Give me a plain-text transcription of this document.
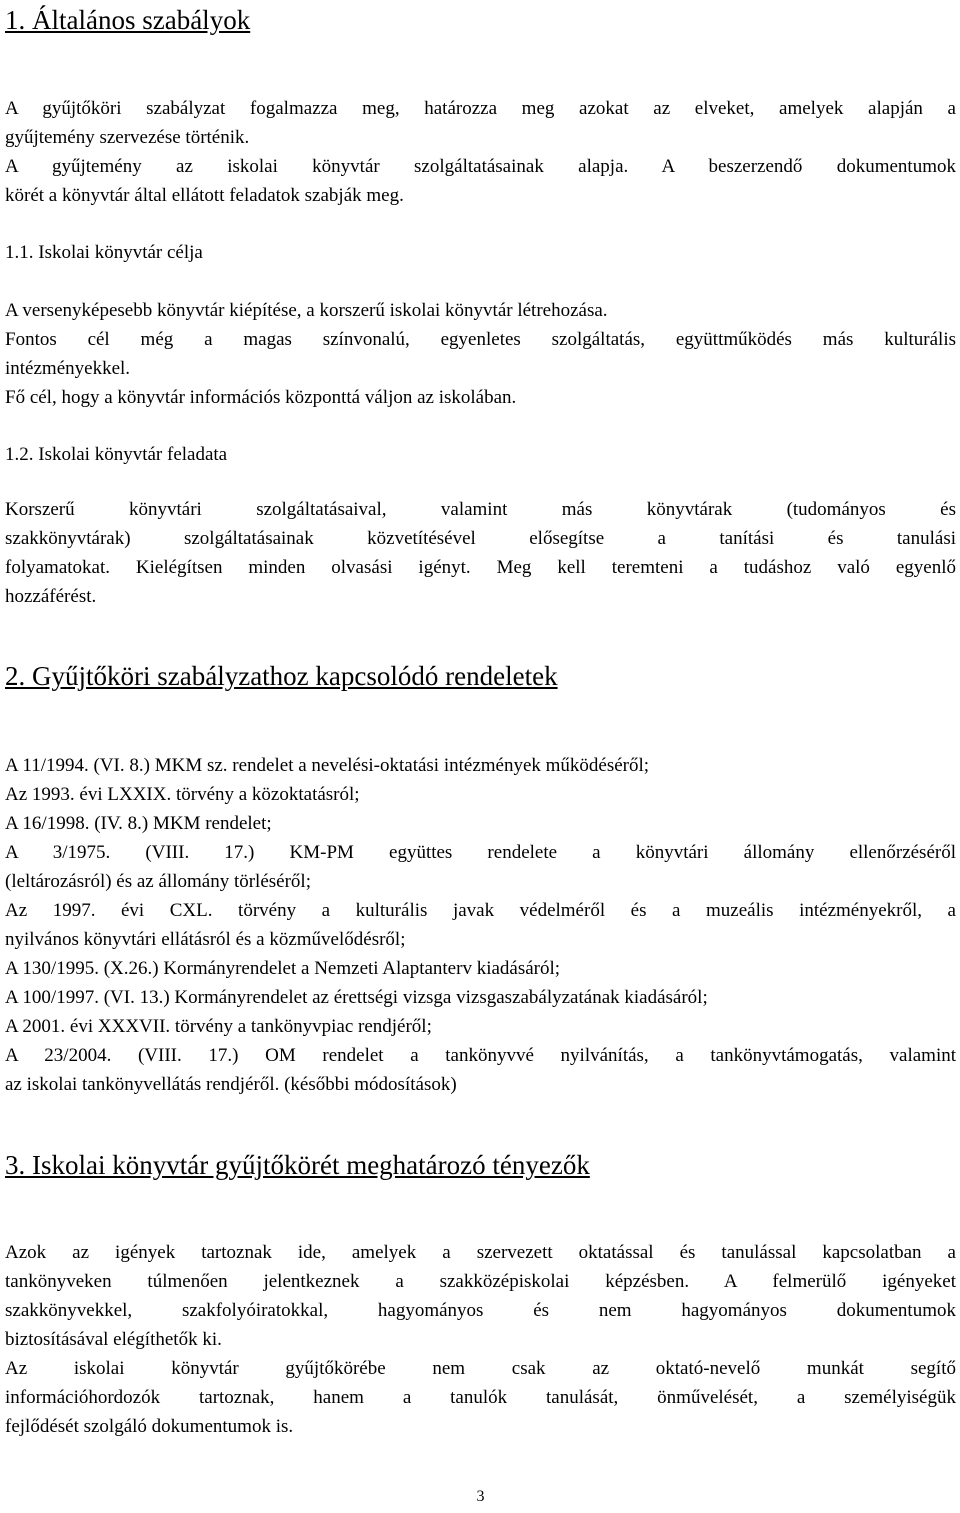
1. Általános szabályok
A gyűjtőköri szabályzat fogalmazza meg, határozza meg azokat az elveket, amelyek alapján a
gyűjtemény szervezése történik.
A gyűjtemény az iskolai könyvtár szolgáltatásainak alapja. A beszerzendő dokumentumok
körét a könyvtár által ellátott feladatok szabják meg.
1.1. Iskolai könyvtár célja
A versenyképesebb könyvtár kiépítése, a korszerű iskolai könyvtár létrehozása.
Fontos cél még a magas színvonalú, egyenletes szolgáltatás, együttműködés más kulturális
intézményekkel.
Fő cél, hogy a könyvtár információs központtá váljon az iskolában.
1.2. Iskolai könyvtár feladata
Korszerű könyvtári szolgáltatásaival, valamint más könyvtárak (tudományos és
szakkönyvtárak) szolgáltatásainak közvetítésével elősegítse a tanítási és tanulási
folyamatokat. Kielégítsen minden olvasási igényt. Meg kell teremteni a tudáshoz való egyenlő
hozzáférést.
2. Gyűjtőköri szabályzathoz kapcsolódó rendeletek
A 11/1994. (VI. 8.) MKM sz. rendelet a nevelési-oktatási intézmények működéséről;
Az 1993. évi LXXIX. törvény a közoktatásról;
A 16/1998. (IV. 8.) MKM rendelet;
A 3/1975. (VIII. 17.) KM-PM együttes rendelete a könyvtári állomány ellenőrzéséről
(leltározásról) és az állomány törléséről;
Az 1997. évi CXL. törvény a kulturális javak védelméről és a muzeális intézményekről, a
nyilvános könyvtári ellátásról és a közművelődésről;
A 130/1995. (X.26.) Kormányrendelet a Nemzeti Alaptanterv kiadásáról;
A 100/1997. (VI. 13.) Kormányrendelet az érettségi vizsga vizsgaszabályzatának kiadásáról;
A 2001. évi XXXVII. törvény a tankönyvpiac rendjéről;
A 23/2004. (VIII. 17.) OM rendelet a tankönyvvé nyilvánítás, a tankönyvtámogatás, valamint
az iskolai tankönyvellátás rendjéről. (későbbi módosítások)
3. Iskolai könyvtár gyűjtőkörét meghatározó tényezők
Azok az igények tartoznak ide, amelyek a szervezett oktatással és tanulással kapcsolatban a
tankönyveken túlmenően jelentkeznek a szakközépiskolai képzésben. A felmerülő igényeket
szakkönyvekkel, szakfolyóiratokkal, hagyományos és nem hagyományos dokumentumok
biztosításával elégíthetők ki.
Az iskolai könyvtár gyűjtőkörébe nem csak az oktató-nevelő munkát segítő
információhordozók tartoznak, hanem a tanulók tanulását, önművelését, a személyiségük
fejlődését szolgáló dokumentumok is.
3
